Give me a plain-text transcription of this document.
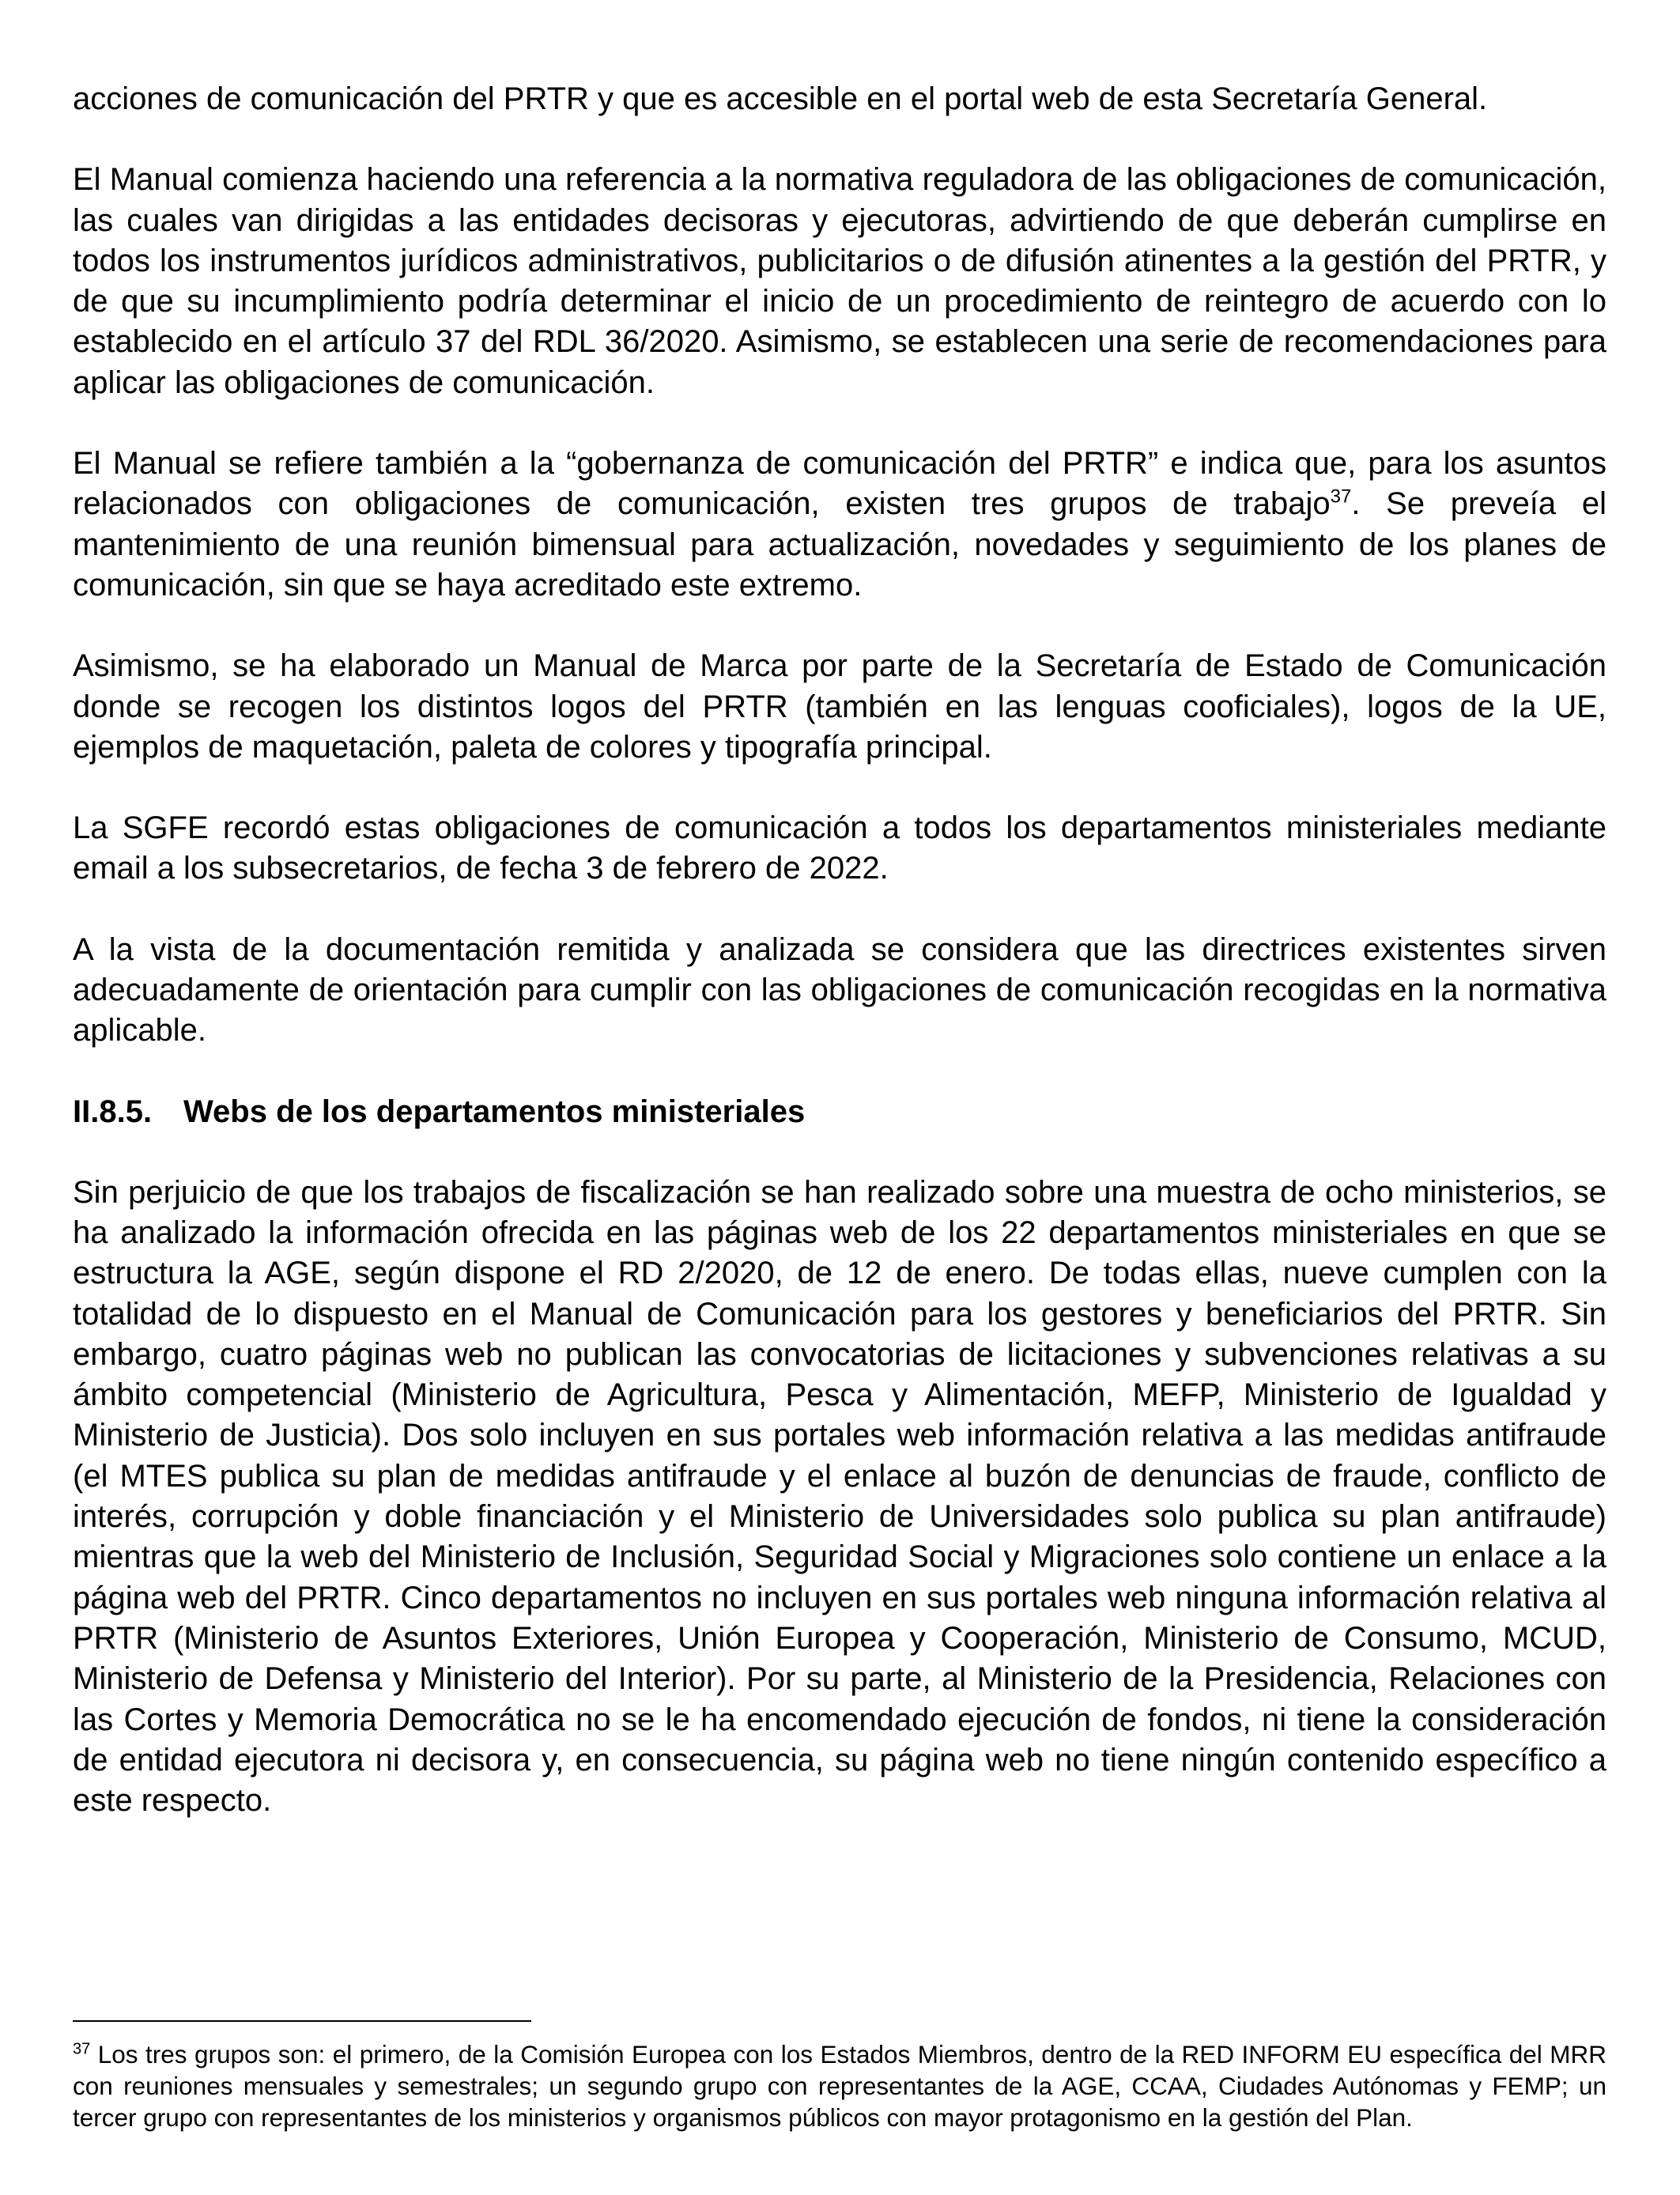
acciones de comunicación del PRTR y que es accesible en el portal web de esta Secretaría General.

El Manual comienza haciendo una referencia a la normativa reguladora de las obligaciones de comunicación, las cuales van dirigidas a las entidades decisoras y ejecutoras, advirtiendo de que deberán cumplirse en todos los instrumentos jurídicos administrativos, publicitarios o de difusión atinentes a la gestión del PRTR, y de que su incumplimiento podría determinar el inicio de un procedimiento de reintegro de acuerdo con lo establecido en el artículo 37 del RDL 36/2020. Asimismo, se establecen una serie de recomendaciones para aplicar las obligaciones de comunicación.

El Manual se refiere también a la “gobernanza de comunicación del PRTR” e indica que, para los asuntos relacionados con obligaciones de comunicación, existen tres grupos de trabajo$^{37}$. Se preveía el mantenimiento de una reunión bimensual para actualización, novedades y seguimiento de los planes de comunicación, sin que se haya acreditado este extremo.

Asimismo, se ha elaborado un Manual de Marca por parte de la Secretaría de Estado de Comunicación donde se recogen los distintos logos del PRTR (también en las lenguas cooficiales), logos de la UE, ejemplos de maquetación, paleta de colores y tipografía principal.

La SGFE recordó estas obligaciones de comunicación a todos los departamentos ministeriales mediante email a los subsecretarios, de fecha 3 de febrero de 2022.

A la vista de la documentación remitida y analizada se considera que las directrices existentes sirven adecuadamente de orientación para cumplir con las obligaciones de comunicación recogidas en la normativa aplicable.

II.8.5. Webs de los departamentos ministeriales

Sin perjuicio de que los trabajos de fiscalización se han realizado sobre una muestra de ocho ministerios, se ha analizado la información ofrecida en las páginas web de los 22 departamentos ministeriales en que se estructura la AGE, según dispone el RD 2/2020, de 12 de enero. De todas ellas, nueve cumplen con la totalidad de lo dispuesto en el Manual de Comunicación para los gestores y beneficiarios del PRTR. Sin embargo, cuatro páginas web no publican las convocatorias de licitaciones y subvenciones relativas a su ámbito competencial (Ministerio de Agricultura, Pesca y Alimentación, MEFP, Ministerio de Igualdad y Ministerio de Justicia). Dos solo incluyen en sus portales web información relativa a las medidas antifraude (el MTES publica su plan de medidas antifraude y el enlace al buzón de denuncias de fraude, conflicto de interés, corrupción y doble financiación y el Ministerio de Universidades solo publica su plan antifraude) mientras que la web del Ministerio de Inclusión, Seguridad Social y Migraciones solo contiene un enlace a la página web del PRTR. Cinco departamentos no incluyen en sus portales web ninguna información relativa al PRTR (Ministerio de Asuntos Exteriores, Unión Europea y Cooperación, Ministerio de Consumo, MCUD, Ministerio de Defensa y Ministerio del Interior). Por su parte, al Ministerio de la Presidencia, Relaciones con las Cortes y Memoria Democrática no se le ha encomendado ejecución de fondos, ni tiene la consideración de entidad ejecutora ni decisora y, en consecuencia, su página web no tiene ningún contenido específico a este respecto.

$^{37}$ Los tres grupos son: el primero, de la Comisión Europea con los Estados Miembros, dentro de la RED INFORM EU específica del MRR con reuniones mensuales y semestrales; un segundo grupo con representantes de la AGE, CCAA, Ciudades Autónomas y FEMP; un tercer grupo con representantes de los ministerios y organismos públicos con mayor protagonismo en la gestión del Plan.
